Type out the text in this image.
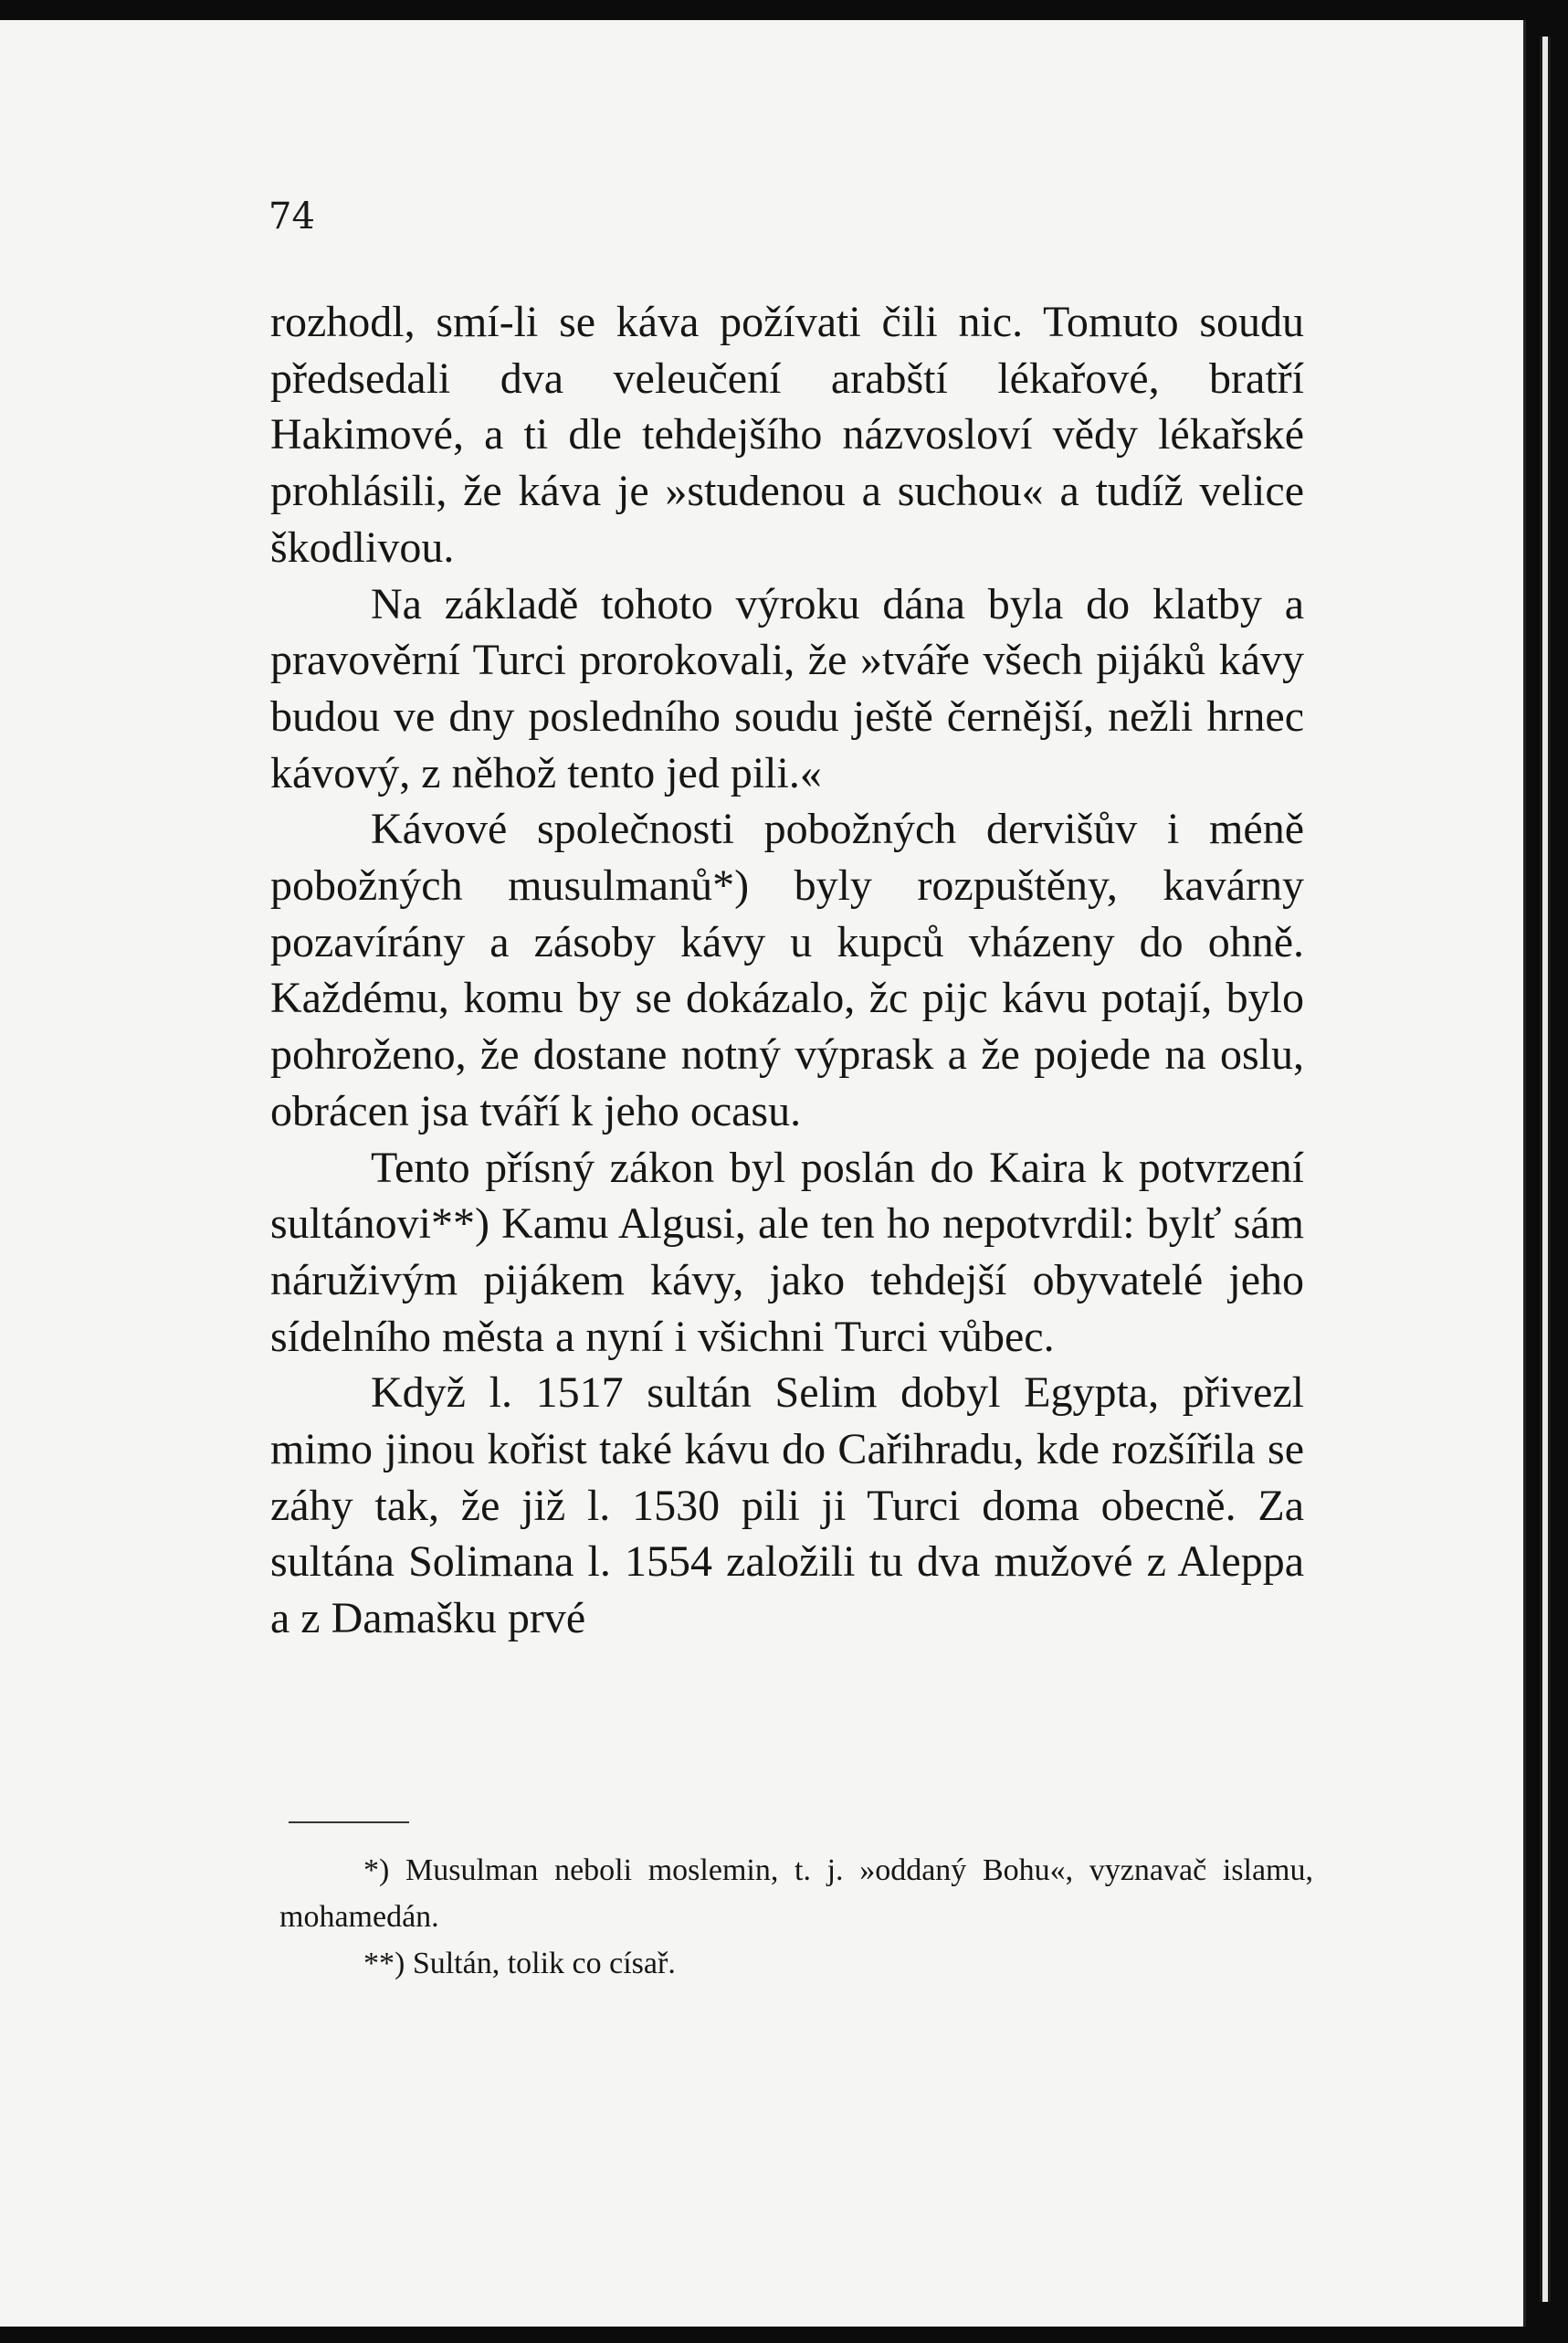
74

rozhodl, smí-li se káva požívati čili nic. Tomuto soudu předsedali dva veleučení arabští lékařové, bratří Hakimové, a ti dle tehdejšího názvosloví vědy lékařské prohlásili, že káva je »studenou a suchou« a tudíž velice škodlivou.

Na základě tohoto výroku dána byla do klatby a pravověrní Turci prorokovali, že »tváře všech pijáků kávy budou ve dny posledního soudu ještě černější, nežli hrnec kávový, z něhož tento jed pili.«

Kávové společnosti pobožných dervišův i méně pobožných musulmanů*) byly rozpuštěny, kavárny pozavírány a zásoby kávy u kupců vházeny do ohně. Každému, komu by se dokázalo, žc pijc kávu potají, bylo pohroženo, že dostane notný výprask a že pojede na oslu, obrácen jsa tváří k jeho ocasu.

Tento přísný zákon byl poslán do Kaira k potvrzení sultánovi**) Kamu Algusi, ale ten ho nepotvrdil: bylť sám náruživým pijákem kávy, jako tehdejší obyvatelé jeho sídelního města a nyní i všichni Turci vůbec.

Když l. 1517 sultán Selim dobyl Egypta, přivezl mimo jinou kořist také kávu do Cařihradu, kde rozšířila se záhy tak, že již l. 1530 pili ji Turci doma obecně. Za sultána Solimana l. 1554 založili tu dva mužové z Aleppa a z Damašku prvé

*) Musulman neboli moslemin, t. j. »oddaný Bohu«, vyznavač islamu, mohamedán.

**) Sultán, tolik co císař.
